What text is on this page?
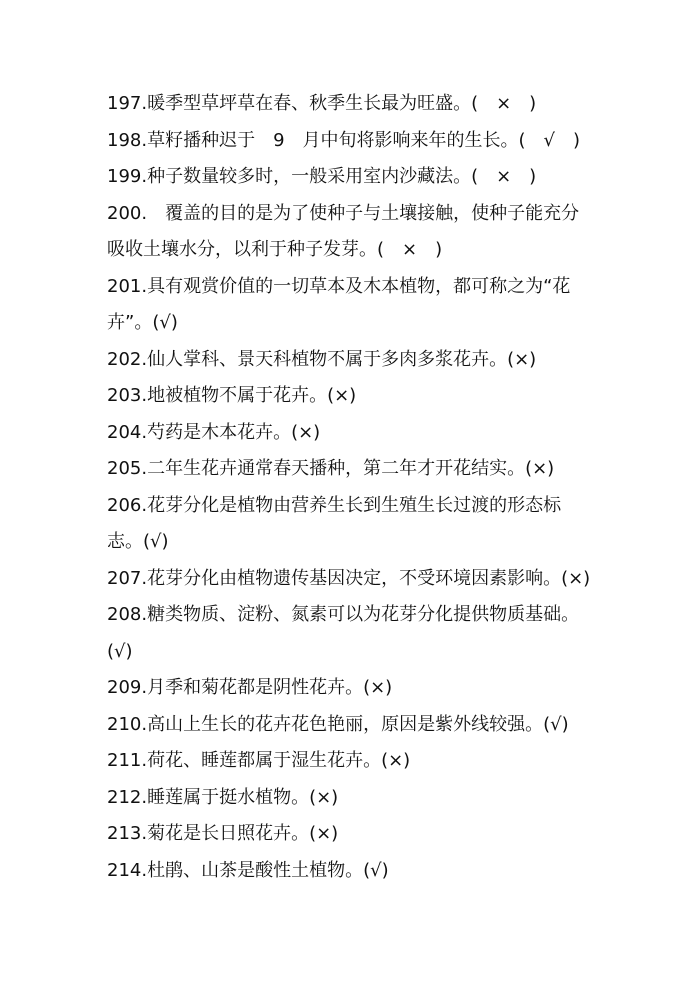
197.暖季型草坪草在春、秋季生长最为旺盛。(　×　)

198.草籽播种迟于　9　月中旬将影响来年的生长。(　√　)

199.种子数量较多时，一般采用室内沙藏法。(　×　)

200.　覆盖的目的是为了使种子与土壤接触，使种子能充分

吸收土壤水分，以利于种子发芽。(　×　)

201.具有观赏价值的一切草本及木本植物，都可称之为“花

卉”。(√)

202.仙人掌科、景天科植物不属于多肉多浆花卉。(×)

203.地被植物不属于花卉。(×)

204.芍药是木本花卉。(×)

205.二年生花卉通常春天播种，第二年才开花结实。(×)

206.花芽分化是植物由营养生长到生殖生长过渡的形态标

志。(√)

207.花芽分化由植物遗传基因决定，不受环境因素影响。(×)

208.糖类物质、淀粉、氮素可以为花芽分化提供物质基础。

(√)

209.月季和菊花都是阴性花卉。(×)

210.高山上生长的花卉花色艳丽，原因是紫外线较强。(√)

211.荷花、睡莲都属于湿生花卉。(×)

212.睡莲属于挺水植物。(×)

213.菊花是长日照花卉。(×)

214.杜鹃、山茶是酸性土植物。(√)
